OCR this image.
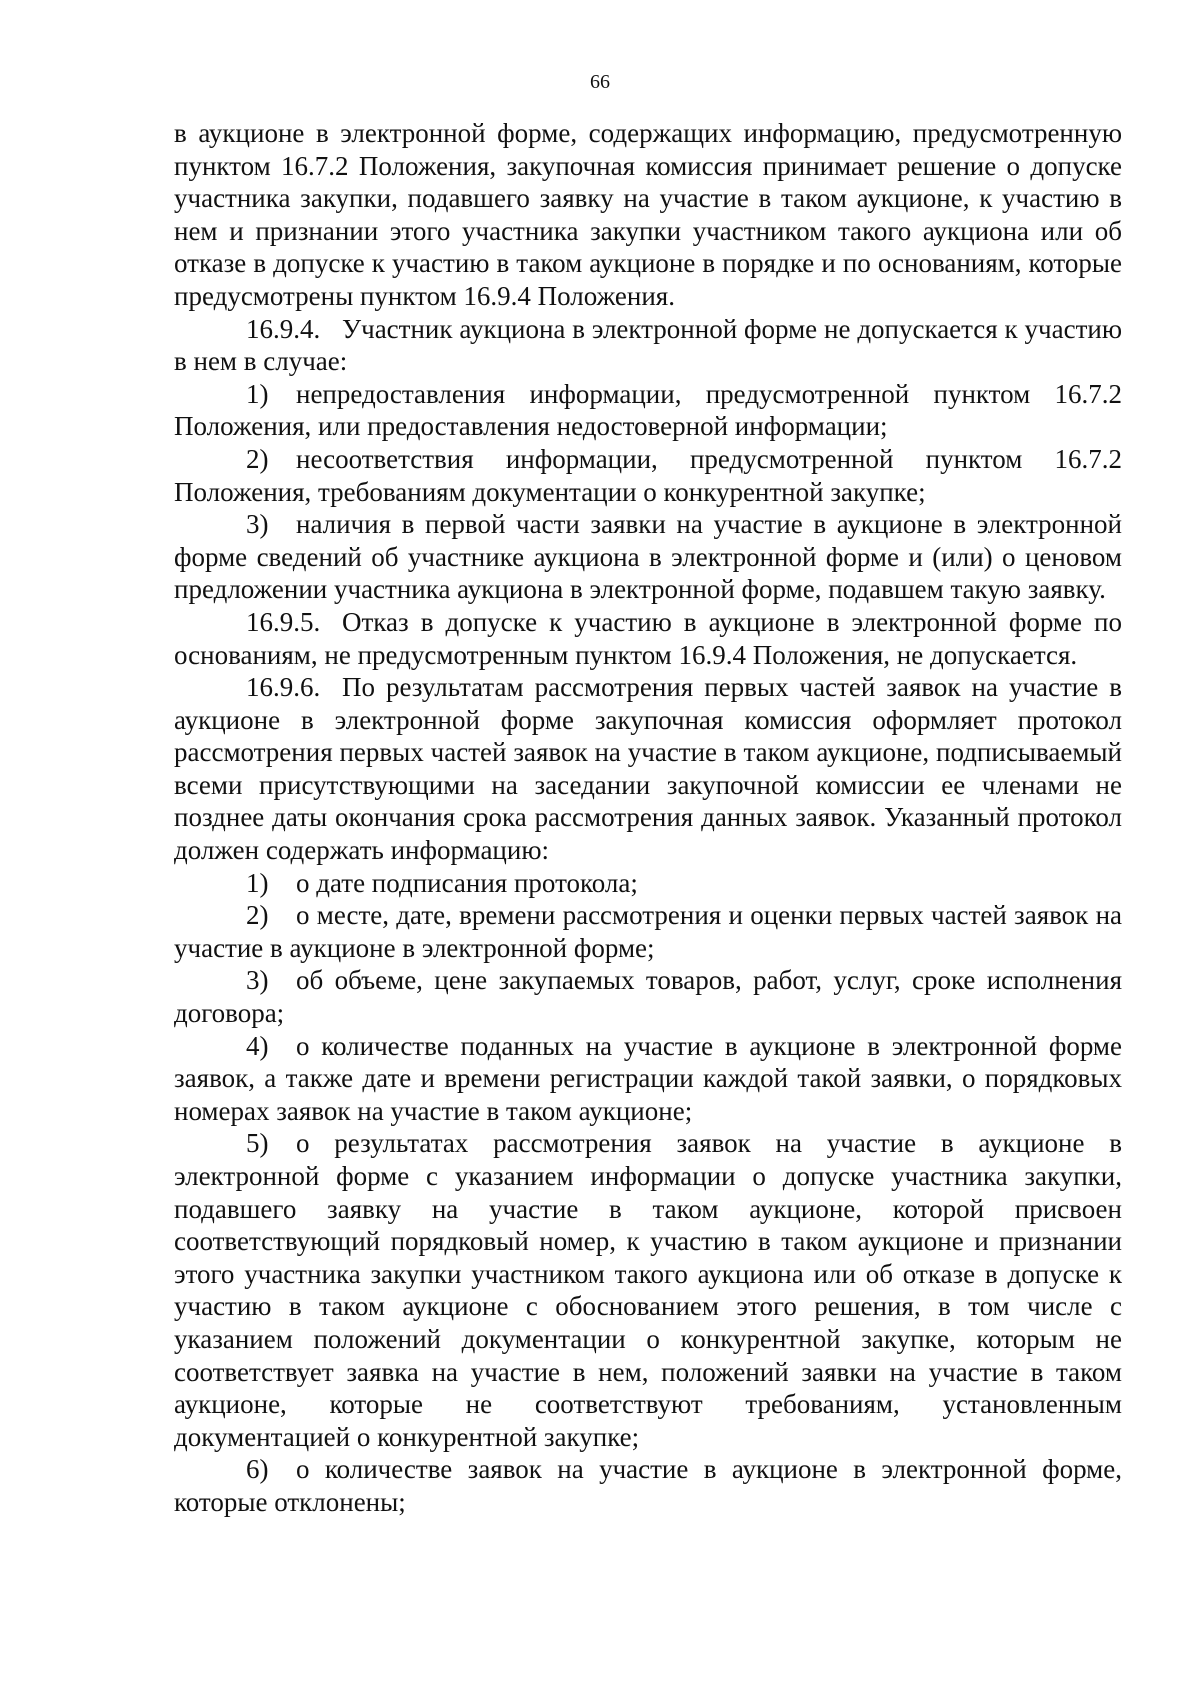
66

в аукционе в электронной форме, содержащих информацию, предусмотренную пунктом 16.7.2 Положения, закупочная комиссия принимает решение о допуске участника закупки, подавшего заявку на участие в таком аукционе, к участию в нем и признании этого участника закупки участником такого аукциона или об отказе в допуске к участию в таком аукционе в порядке и по основаниям, которые предусмотрены пунктом 16.9.4 Положения.

16.9.4. Участник аукциона в электронной форме не допускается к участию в нем в случае:

1) непредоставления информации, предусмотренной пунктом 16.7.2 Положения, или предоставления недостоверной информации;

2) несоответствия информации, предусмотренной пунктом 16.7.2 Положения, требованиям документации о конкурентной закупке;

3) наличия в первой части заявки на участие в аукционе в электронной форме сведений об участнике аукциона в электронной форме и (или) о ценовом предложении участника аукциона в электронной форме, подавшем такую заявку.

16.9.5. Отказ в допуске к участию в аукционе в электронной форме по основаниям, не предусмотренным пунктом 16.9.4 Положения, не допускается.

16.9.6. По результатам рассмотрения первых частей заявок на участие в аукционе в электронной форме закупочная комиссия оформляет протокол рассмотрения первых частей заявок на участие в таком аукционе, подписываемый всеми присутствующими на заседании закупочной комиссии ее членами не позднее даты окончания срока рассмотрения данных заявок. Указанный протокол должен содержать информацию:

1) о дате подписания протокола;

2) о месте, дате, времени рассмотрения и оценки первых частей заявок на участие в аукционе в электронной форме;

3) об объеме, цене закупаемых товаров, работ, услуг, сроке исполнения договора;

4) о количестве поданных на участие в аукционе в электронной форме заявок, а также дате и времени регистрации каждой такой заявки, о порядковых номерах заявок на участие в таком аукционе;

5) о результатах рассмотрения заявок на участие в аукционе в электронной форме с указанием информации о допуске участника закупки, подавшего заявку на участие в таком аукционе, которой присвоен соответствующий порядковый номер, к участию в таком аукционе и признании этого участника закупки участником такого аукциона или об отказе в допуске к участию в таком аукционе с обоснованием этого решения, в том числе с указанием положений документации о конкурентной закупке, которым не соответствует заявка на участие в нем, положений заявки на участие в таком аукционе, которые не соответствуют требованиям, установленным документацией о конкурентной закупке;

6) о количестве заявок на участие в аукционе в электронной форме, которые отклонены;
